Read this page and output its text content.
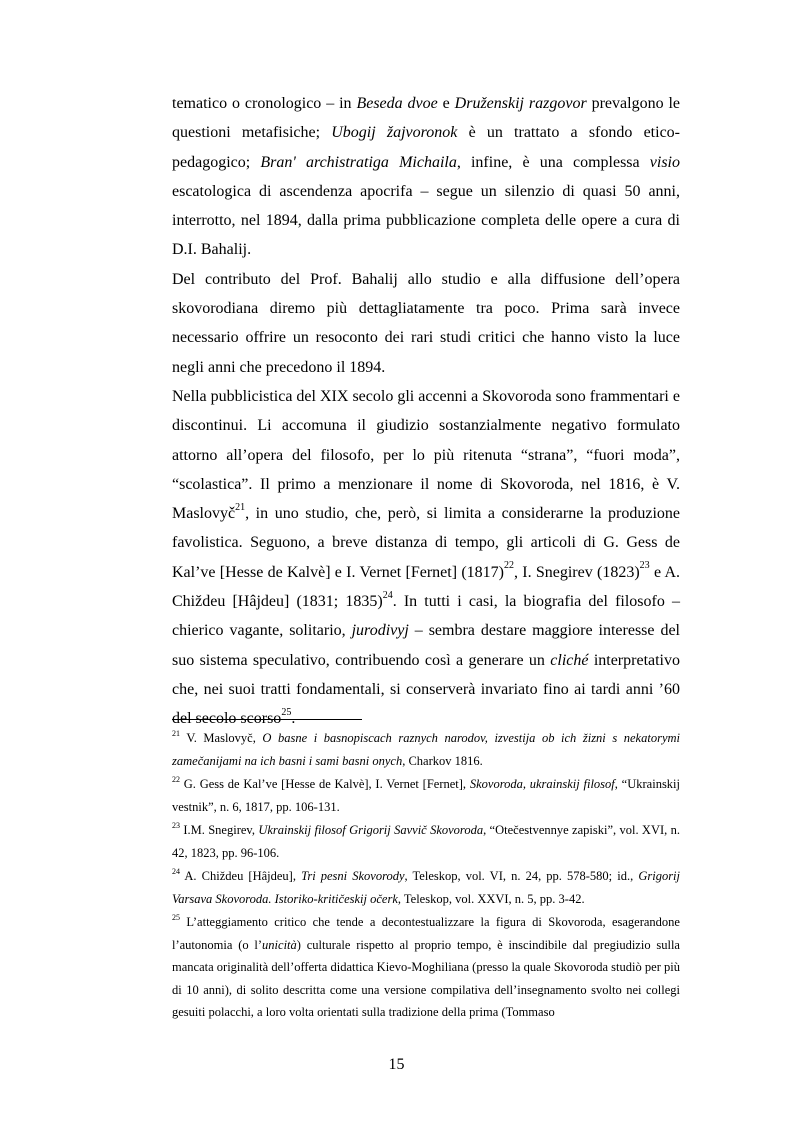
tematico o cronologico – in Beseda dvoe e Druženskij razgovor prevalgono le questioni metafisiche; Ubogij žajvoronok è un trattato a sfondo etico-pedagogico; Bran' archistratiga Michaila, infine, è una complessa visio escatologica di ascendenza apocrifa – segue un silenzio di quasi 50 anni, interrotto, nel 1894, dalla prima pubblicazione completa delle opere a cura di D.I. Bahalij.

Del contributo del Prof. Bahalij allo studio e alla diffusione dell’opera skovorodiana diremo più dettagliatamente tra poco. Prima sarà invece necessario offrire un resoconto dei rari studi critici che hanno visto la luce negli anni che precedono il 1894.

Nella pubblicistica del XIX secolo gli accenni a Skovoroda sono frammentari e discontinui. Li accomuna il giudizio sostanzialmente negativo formulato attorno all’opera del filosofo, per lo più ritenuta “strana”, “fuori moda”, “scolastica”. Il primo a menzionare il nome di Skovoroda, nel 1816, è V. Maslovyč$^{21}$, in uno studio, che, però, si limita a considerarne la produzione favolistica. Seguono, a breve distanza di tempo, gli articoli di G. Gess de Kal’ve [Hesse de Kalvè] e I. Vernet [Fernet] $(1817)^{22}$, I. Snegirev $(1823)^{23}$ e A. Chiždeu [Hâjdeu] (1831; 1835)$^{24}$. In tutti i casi, la biografia del filosofo – chierico vagante, solitario, jurodivyj – sembra destare maggiore interesse del suo sistema speculativo, contribuendo così a generare un cliché interpretativo che, nei suoi tratti fondamentali, si conserverà invariato fino ai tardi anni ’60 del secolo scorso$^{25}$.

$^{21}$ V. Maslovyč, O basne i basnopiscach raznych narodov, izvestija ob ich žizni s nekatorymi zamečanijami na ich basni i sami basni onych, Charkov 1816.

$^{22}$ G. Gess de Kal’ve [Hesse de Kalvè], I. Vernet [Fernet], Skovoroda, ukrainskij filosof, “Ukrainskij vestnik”, n. 6, 1817, pp. 106-131.

$^{23}$ I.M. Snegirev, Ukrainskij filosof Grigorij Savvič Skovoroda, “Otečestvennye zapiski”, vol. XVI, n. 42, 1823, pp. 96-106.

$^{24}$ A. Chiždeu [Hâjdeu], Tri pesni Skovorody, Teleskop, vol. VI, n. 24, pp. 578-580; id., Grigorij Varsava Skovoroda. Istoriko-kritičeskij očerk, Teleskop, vol. XXVI, n. 5, pp. 3-42.

$^{25}$ L’atteggiamento critico che tende a decontestualizzare la figura di Skovoroda, esagerandone l’autonomia (o l’unicità) culturale rispetto al proprio tempo, è inscindibile dal pregiudizio sulla mancata originalità dell’offerta didattica Kievo-Moghiliana (presso la quale Skovoroda studiò per più di 10 anni), di solito descritta come una versione compilativa dell’insegnamento svolto nei collegi gesuiti polacchi, a loro volta orientati sulla tradizione della prima (Tommaso

15
